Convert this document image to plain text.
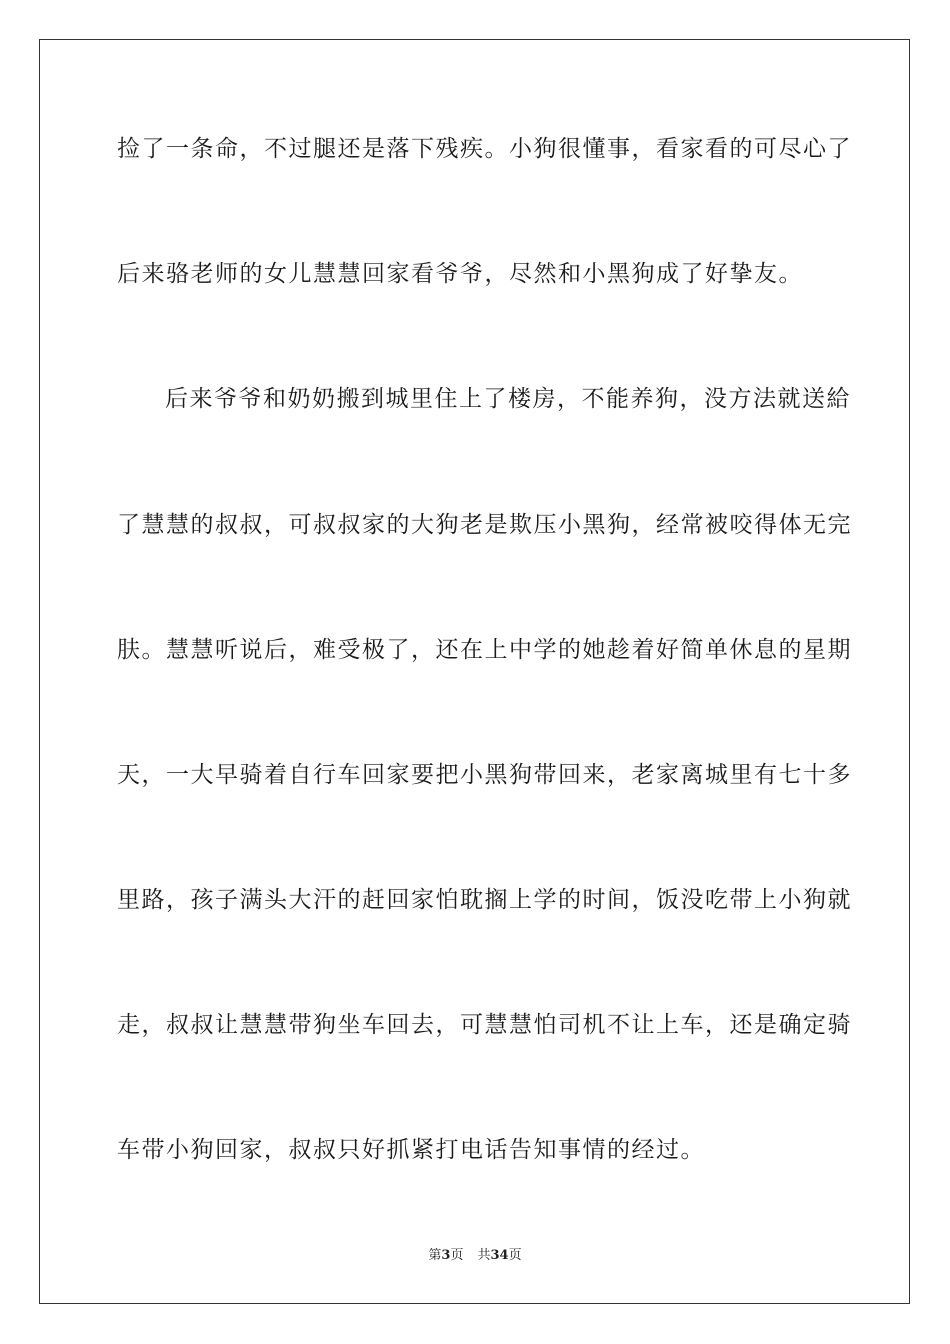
捡了一条命，不过腿还是落下残疾。小狗很懂事，看家看的可尽心了
后来骆老师的女儿慧慧回家看爷爷，尽然和小黑狗成了好挚友。
后来爷爷和奶奶搬到城里住上了楼房，不能养狗，没方法就送給
了慧慧的叔叔，可叔叔家的大狗老是欺压小黑狗，经常被咬得体无完
肤。慧慧听说后，难受极了，还在上中学的她趁着好简单休息的星期
天，一大早骑着自行车回家要把小黑狗带回来，老家离城里有七十多
里路，孩子满头大汗的赶回家怕耽搁上学的时间，饭没吃带上小狗就
走，叔叔让慧慧带狗坐车回去，可慧慧怕司机不让上车，还是确定骑
车带小狗回家，叔叔只好抓紧打电话告知事情的经过。
第3页 共34页
